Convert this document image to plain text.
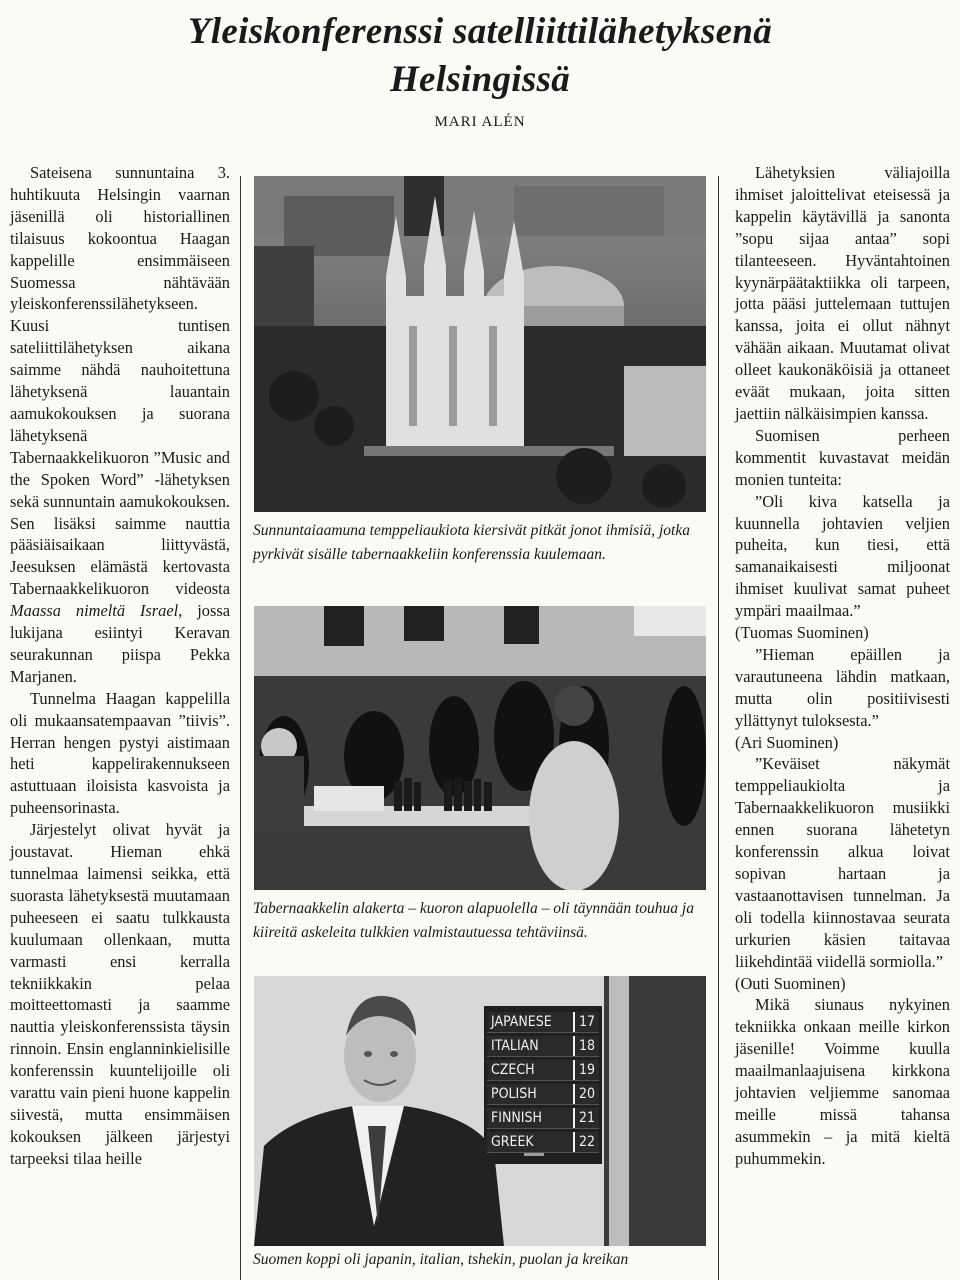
Yleiskonferenssi satelliittilähetyksenä
Helsingissä
MARI ALÉN

Sateisena sunnuntaina 3. huhtikuuta Helsingin vaarnan jäsenillä oli historiallinen tilaisuus kokoontua Haagan kappelille ensimmäiseen Suomessa nähtävään yleiskonferenssilähetykseen. Kuusi tuntisen sateliittilähetyksen aikana saimme nähdä nauhoitettuna lähetyksenä lauantain aamukokouksen ja suorana lähetyksenä Tabernaakkelikuoron ”Music and the Spoken Word” -lähetyksen sekä sunnuntain aamukokouksen. Sen lisäksi saimme nauttia pääsiäisaikaan liittyvästä, Jeesuksen elämästä kertovasta Tabernaakkelikuoron videosta Maassa nimeltä Israel, jossa lukijana esiintyi Keravan seurakunnan piispa Pekka Marjanen.

Tunnelma Haagan kappelilla oli mukaansatempaavan ”tiivis”. Herran hengen pystyi aistimaan heti kappelirakennukseen astuttuaan iloisista kasvoista ja puheensorinasta.

Järjestelyt olivat hyvät ja joustavat. Hieman ehkä tunnelmaa laimensi seikka, että suorasta lähetyksestä muutamaan puheeseen ei saatu tulkkausta kuulumaan ollenkaan, mutta varmasti ensi kerralla tekniikkakin pelaa moitteettomasti ja saamme nauttia yleiskonferenssista täysin rinnoin. Ensin englanninkielisille konferenssin kuuntelijoille oli varattu vain pieni huone kappelin siivestä, mutta ensimmäisen kokouksen jälkeen järjestyi tarpeeksi tilaa heille

Sunnuntaiaamuna temppeliaukiota kiersivät pitkät jonot ihmisiä, jotka pyrkivät sisälle tabernaakkeliin konferenssia kuulemaan.
Tabernaakkelin alakerta – kuoron alapuolella – oli täynnään touhua ja kiireitä askeleita tulkkien valmistautuessa tehtäviinsä.
JAPANESE	17
ITALIAN	18
CZECH	19
POLISH	20
FINNISH	21
GREEK	22
Suomen koppi oli japanin, italian, tshekin, puolan ja kreikan

Lähetyksien väliajoilla ihmiset jaloittelivat eteisessä ja kappelin käytävillä ja sanonta ”sopu sijaa antaa” sopi tilanteeseen. Hyväntahtoinen kyynärpäätaktiikka oli tarpeen, jotta pääsi juttelemaan tuttujen kanssa, joita ei ollut nähnyt vähään aikaan. Muutamat olivat olleet kaukonäköisiä ja ottaneet eväät mukaan, joita sitten jaettiin nälkäisimpien kanssa.

Suomisen perheen kommentit kuvastavat meidän monien tunteita:

”Oli kiva katsella ja kuunnella johtavien veljien puheita, kun tiesi, että samanaikaisesti miljoonat ihmiset kuulivat samat puheet ympäri maailmaa.”

(Tuomas Suominen)

”Hieman epäillen ja varautuneena lähdin matkaan, mutta olin positiivisesti yllättynyt tuloksesta.”

(Ari Suominen)

”Keväiset näkymät temppeliaukiolta ja Tabernaakkelikuoron musiikki ennen suorana lähetetyn konferenssin alkua loivat sopivan hartaan ja vastaanottavisen tunnelman. Ja oli todella kiinnostavaa seurata urkurien käsien taitavaa liikehdintää viidellä sormiolla.”

(Outi Suominen)

Mikä siunaus nykyinen tekniikka onkaan meille kirkon jäsenille! Voimme kuulla maailmanlaajuisena kirkkona johtavien veljiemme sanomaa meille missä tahansa asummekin – ja mitä kieltä puhummekin.
